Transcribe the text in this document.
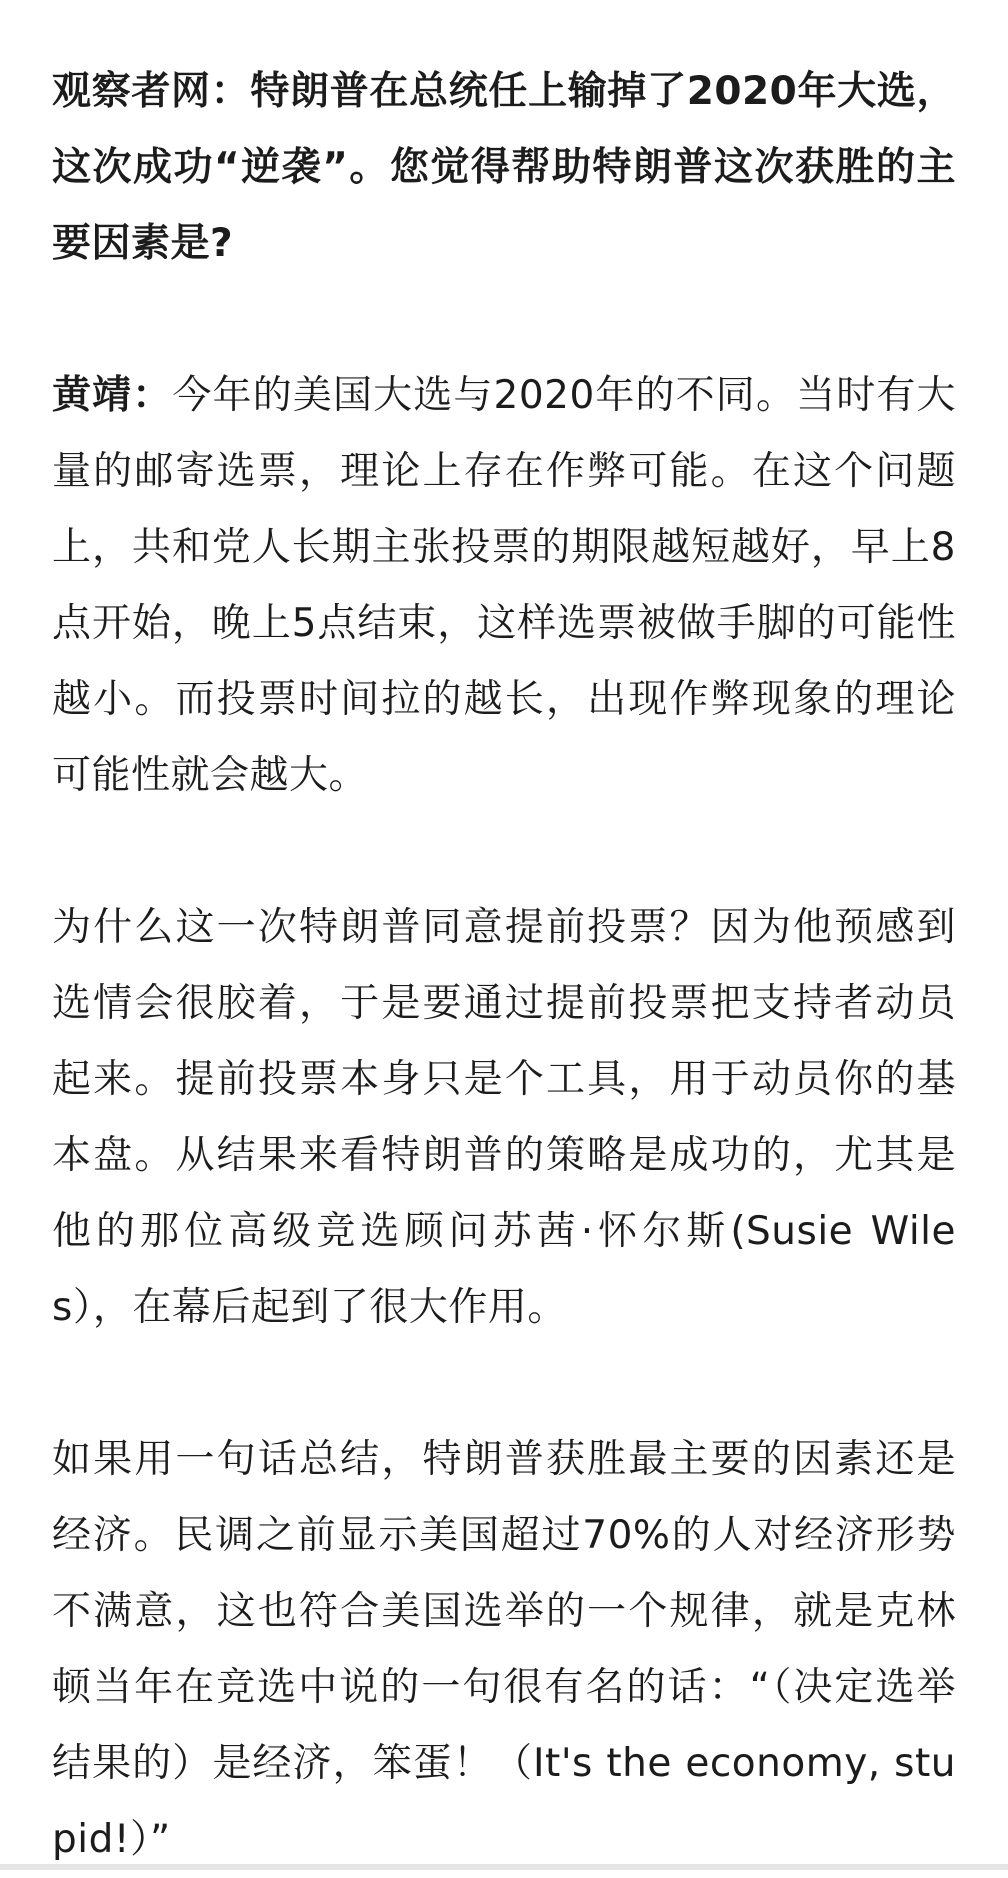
观察者网：特朗普在总统任上输掉了2020年大选，这次成功“逆袭”。您觉得帮助特朗普这次获胜的主要因素是?

黄靖：今年的美国大选与2020年的不同。当时有大量的邮寄选票，理论上存在作弊可能。在这个问题上，共和党人长期主张投票的期限越短越好，早上8点开始，晚上5点结束，这样选票被做手脚的可能性越小。而投票时间拉的越长，出现作弊现象的理论可能性就会越大。

为什么这一次特朗普同意提前投票？因为他预感到选情会很胶着，于是要通过提前投票把支持者动员起来。提前投票本身只是个工具，用于动员你的基本盘。从结果来看特朗普的策略是成功的，尤其是他的那位高级竞选顾问苏茜·怀尔斯(Susie Wiles），在幕后起到了很大作用。

如果用一句话总结，特朗普获胜最主要的因素还是经济。民调之前显示美国超过70%的人对经济形势不满意，这也符合美国选举的一个规律，就是克林顿当年在竞选中说的一句很有名的话：“（决定选举结果的）是经济，笨蛋！（It's the economy, stupid!）”
